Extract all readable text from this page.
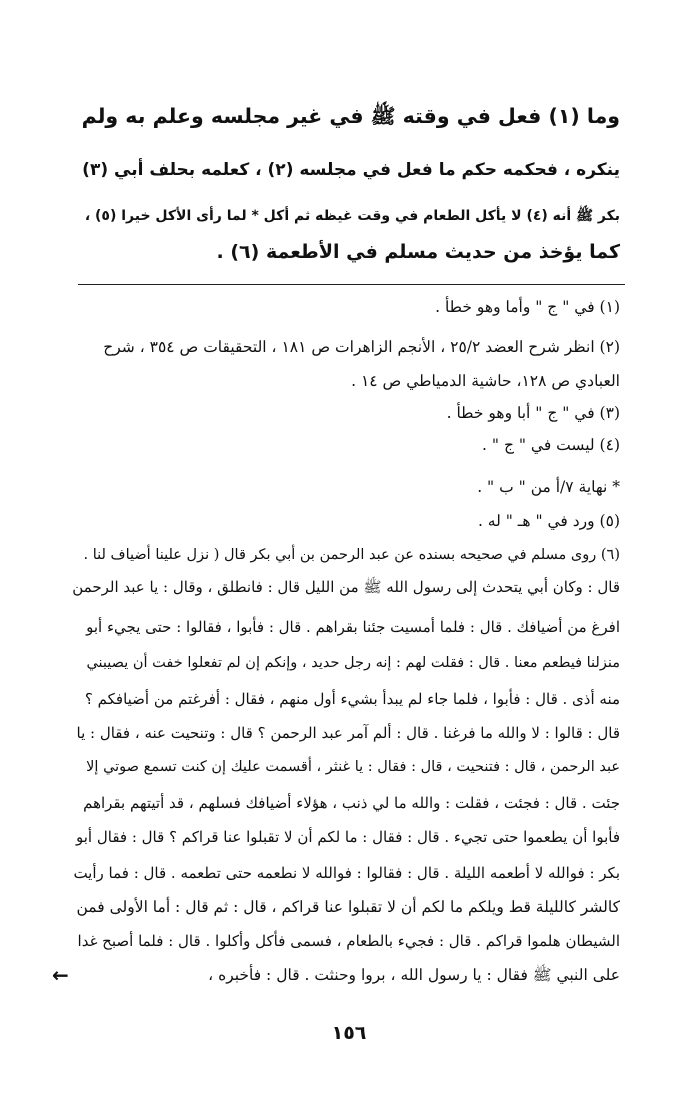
وما (١) فعل في وقته ﷺ في غير مجلسه وعلم به ولم
ينكره ، فحكمه حكم ما فعل في مجلسه (٢) ، كعلمه بحلف أبي (٣)
بكر ﷺ أنه (٤) لا يأكل الطعام في وقت غيظه ثم أكل * لما رأى الأكل خيرا (٥) ،
كما يؤخذ من حديث مسلم في الأطعمة (٦) .
(١) في " ج " وأما وهو خطأ .
(٢) انظر شرح العضد ٢٥/٢ ، الأنجم الزاهرات ص ١٨١ ، التحقيقات ص ٣٥٤ ، شرح
العبادي ص ١٢٨، حاشية الدمياطي ص ١٤ .
(٣) في " ج " أبا وهو خطأ .
(٤) ليست في " ج " .
* نهاية ٧/أ من " ب " .
(٥) ورد في " هـ " له .
(٦) روى مسلم في صحيحه بسنده عن عبد الرحمن بن أبي بكر قال ( نزل علينا أضياف لنا .
قال : وكان أبي يتحدث إلى رسول الله ﷺ من الليل قال : فانطلق ، وقال : يا عبد الرحمن
افرغ من أضيافك . قال : فلما أمسيت جئنا بقراهم . قال : فأبوا ، فقالوا : حتى يجيء أبو
منزلنا فيطعم معنا . قال : فقلت لهم : إنه رجل حديد ، وإنكم إن لم تفعلوا خفت أن يصيبني
منه أذى . قال : فأبوا ، فلما جاء لم يبدأ بشيء أول منهم ، فقال : أفرغتم من أضيافكم ؟
قال : قالوا : لا والله ما فرغنا . قال : ألم آمر عبد الرحمن ؟ قال : وتنحيت عنه ، فقال : يا
عبد الرحمن ، قال : فتنحيت ، قال : فقال : يا غنثر ، أقسمت عليك إن كنت تسمع صوتي إلا
جئت . قال : فجئت ، فقلت : والله ما لي ذنب ، هؤلاء أضيافك فسلهم ، قد أتيتهم بقراهم
فأبوا أن يطعموا حتى تجيء . قال : فقال : ما لكم أن لا تقبلوا عنا قراكم ؟ قال : فقال أبو
بكر : فوالله لا أطعمه الليلة . قال : فقالوا : فوالله لا نطعمه حتى تطعمه . قال : فما رأيت
كالشر كالليلة قط ويلكم ما لكم أن لا تقبلوا عنا قراكم ، قال : ثم قال : أما الأولى فمن
الشيطان هلموا قراكم . قال : فجيء بالطعام ، فسمى فأكل وأكلوا . قال : فلما أصبح غدا
على النبي ﷺ فقال : يا رسول الله ، بروا وحنثت . قال : فأخبره ،
←
١٥٦
